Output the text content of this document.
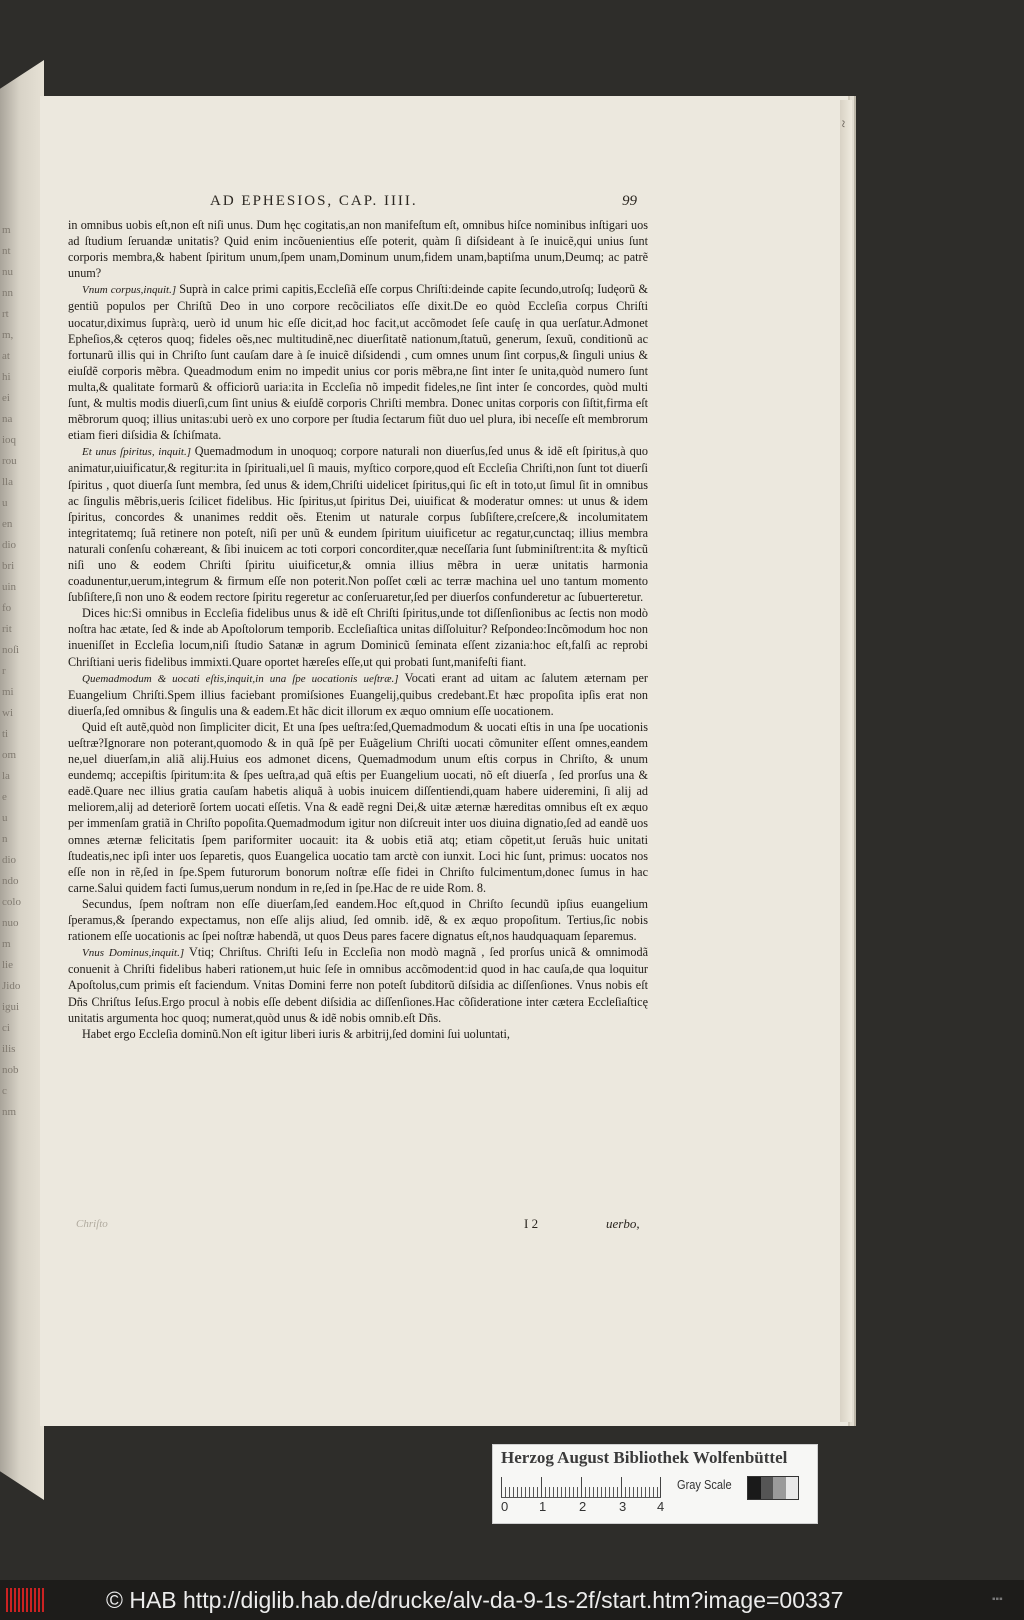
m
nt
nu
nn
rt
m,
at
hi
ei
na
ioq
rou
lla
u
en
dio
bri
uin
fo
rit
noſi
r
mi
wi
ti
om
la
e
u
n
dio
ndo
colo
nuo
m
lie
Jido
igui
ci
ilis
nob
c
nm
~
AD EPHESIOS, CAP. IIII.	99

in omnibus uobis eſt,non eſt niſi unus. Dum hęc cogitatis,an non manifeſtum eſt, omnibus hiſce nominibus inſtigari uos ad ſtudium ſeruandæ unitatis? Quid enim incõuenientius eſſe poterit, quàm ſi diſsideant à ſe inuicẽ,qui unius ſunt corporis membra,& habent ſpiritum unum,ſpem unam,Dominum unum,fidem unam,baptiſma unum,Deumq; ac patrẽ unum?

Vnum corpus,inquit.] Suprà in calce primi capitis,Eccleſiã eſſe corpus Chriſti:deinde capite ſecundo,utroſq; Iudęorũ & gentiũ populos per Chriſtũ Deo in uno corpore recõciliatos eſſe dixit.De eo quòd Eccleſia corpus Chriſti uocatur,diximus ſuprà:q, uerò id unum hic eſſe dicit,ad hoc facit,ut accõmodet ſeſe cauſę in qua uerſatur.Admonet Epheſios,& cęteros quoq; fideles oẽs,nec multitudinẽ,nec diuerſitatẽ nationum,ſtatuũ, generum, ſexuũ, conditionũ ac fortunarũ illis qui in Chriſto ſunt cauſam dare à ſe inuicẽ diſsidendi , cum omnes unum ſint corpus,& ſinguli unius & eiuſdẽ corporis mẽbra. Queadmodum enim no impedit unius cor poris mẽbra,ne ſint inter ſe unita,quòd numero ſunt multa,& qualitate formarũ & officiorũ uaria:ita in Eccleſia nõ impedit fideles,ne ſint inter ſe concordes, quòd multi ſunt, & multis modis diuerſi,cum ſint unius & eiuſdẽ corporis Chriſti membra. Donec unitas corporis con ſiſtit,firma eſt mẽbrorum quoq; illius unitas:ubi uerò ex uno corpore per ſtudia ſectarum fiũt duo uel plura, ibi neceſſe eſt membrorum etiam fieri diſsidia & ſchiſmata.

Et unus ſpiritus, inquit.] Quemadmodum in unoquoq; corpore naturali non diuerſus,ſed unus & idẽ eſt ſpiritus,à quo animatur,uiuificatur,& regitur:ita in ſpirituali,uel ſi mauis, myſtico corpore,quod eſt Eccleſia Chriſti,non ſunt tot diuerſi ſpiritus , quot diuerſa ſunt membra, ſed unus & idem,Chriſti uidelicet ſpiritus,qui ſic eſt in toto,ut ſimul ſit in omnibus ac ſingulis mẽbris,ueris ſcilicet fidelibus. Hic ſpiritus,ut ſpiritus Dei, uiuificat & moderatur omnes: ut unus & idem ſpiritus, concordes & unanimes reddit oẽs. Etenim ut naturale corpus ſubſiſtere,creſcere,& incolumitatem integritatemq; ſuã retinere non poteſt, niſi per unũ & eundem ſpiritum uiuificetur ac regatur,cunctaq; illius membra naturali conſenſu cohæreant, & ſibi inuicem ac toti corpori concorditer,quæ neceſſaria ſunt ſubminiſtrent:ita & myſticũ niſi uno & eodem Chriſti ſpiritu uiuificetur,& omnia illius mẽbra in ueræ unitatis harmonia coadunentur,uerum,integrum & firmum eſſe non poterit.Non poſſet cœli ac terræ machina uel uno tantum momento ſubſiſtere,ſi non uno & eodem rectore ſpiritu regeretur ac conſeruaretur,ſed per diuerſos confunderetur ac ſubuerteretur.

Dices hic:Si omnibus in Eccleſia fidelibus unus & idẽ eſt Chriſti ſpiritus,unde tot diſſenſionibus ac ſectis non modò noſtra hac ætate, ſed & inde ab Apoſtolorum temporib. Eccleſiaſtica unitas diſſoluitur? Reſpondeo:Incõmodum hoc non inueniſſet in Eccleſia locum,niſi ſtudio Satanæ in agrum Dominicũ ſeminata eſſent zizania:hoc eſt,falſi ac reprobi Chriſtiani ueris fidelibus immixti.Quare oportet hæreſes eſſe,ut qui probati ſunt,manifeſti fiant.

Quemadmodum & uocati eſtis,inquit,in una ſpe uocationis ueſtræ.] Vocati erant ad uitam ac ſalutem æternam per Euangelium Chriſti.Spem illius faciebant promiſsiones Euangelij,quibus credebant.Et hæc propoſita ipſis erat non diuerſa,ſed omnibus & ſingulis una & eadem.Et hãc dicit illorum ex æquo omnium eſſe uocationem.

Quid eſt autẽ,quòd non ſimpliciter dicit, Et una ſpes ueſtra:ſed,Quemadmodum & uocati eſtis in una ſpe uocationis ueſtræ?Ignorare non poterant,quomodo & in quã ſpẽ per Euãgelium Chriſti uocati cõmuniter eſſent omnes,eandem ne,uel diuerſam,in aliã alij.Huius eos admonet dicens, Quemadmodum unum eſtis corpus in Chriſto, & unum eundemq; accepiſtis ſpiritum:ita & ſpes ueſtra,ad quã eſtis per Euangelium uocati, nõ eſt diuerſa , ſed prorſus una & eadẽ.Quare nec illius gratia cauſam habetis aliquã à uobis inuicem diſſentiendi,quam habere uideremini, ſi alij ad meliorem,alij ad deteriorẽ ſortem uocati eſſetis. Vna & eadẽ regni Dei,& uitæ æternæ hæreditas omnibus eſt ex æquo per immenſam gratiã in Chriſto popoſita.Quemadmodum igitur non diſcreuit inter uos diuina dignatio,ſed ad eandẽ uos omnes æternæ felicitatis ſpem pariformiter uocauit: ita & uobis etiã atq; etiam cõpetit,ut ſeruãs huic unitati ſtudeatis,nec ipſi inter uos ſeparetis, quos Euangelica uocatio tam arctè con iunxit. Loci hic ſunt, primus: uocatos nos eſſe non in rẽ,ſed in ſpe.Spem futurorum bonorum noſtræ eſſe fidei in Chriſto fulcimentum,donec ſumus in hac carne.Salui quidem facti ſumus,uerum nondum in re,ſed in ſpe.Hac de re uide Rom. 8.

Secundus, ſpem noſtram non eſſe diuerſam,ſed eandem.Hoc eſt,quod in Chriſto ſecundũ ipſius euangelium ſperamus,& ſperando expectamus, non eſſe alijs aliud, ſed omnib. idẽ, & ex æquo propoſitum. Tertius,ſic nobis rationem eſſe uocationis ac ſpei noſtræ habendã, ut quos Deus pares facere dignatus eſt,nos haudquaquam ſeparemus.

Vnus Dominus,inquit.] Vtiq; Chriſtus. Chriſti Ieſu in Eccleſia non modò magnã , ſed prorſus unicã & omnimodã conuenit à Chriſti fidelibus haberi rationem,ut huic ſeſe in omnibus accõmodent:id quod in hac cauſa,de qua loquitur Apoſtolus,cum primis eſt faciendum. Vnitas Domini ferre non poteſt ſubditorũ diſsidia ac diſſenſiones. Vnus nobis eſt Dñs Chriſtus Ieſus.Ergo procul à nobis eſſe debent diſsidia ac diſſenſiones.Hac cõſideratione inter cætera Eccleſiaſticę unitatis argumenta hoc quoq; numerat,quòd unus & idẽ nobis omnib.eſt Dñs.

Habet ergo Eccleſia dominũ.Non eſt igitur liberi iuris & arbitrij,ſed domini ſui uoluntati,

Chriſto	I 2	uerbo,
Herzog August Bibliothek Wolfenbüttel
0 1	2	3 4
Gray Scale
© HAB http://diglib.hab.de/drucke/alv-da-9-1s-2f/start.htm?image=00337	▪▪▪
